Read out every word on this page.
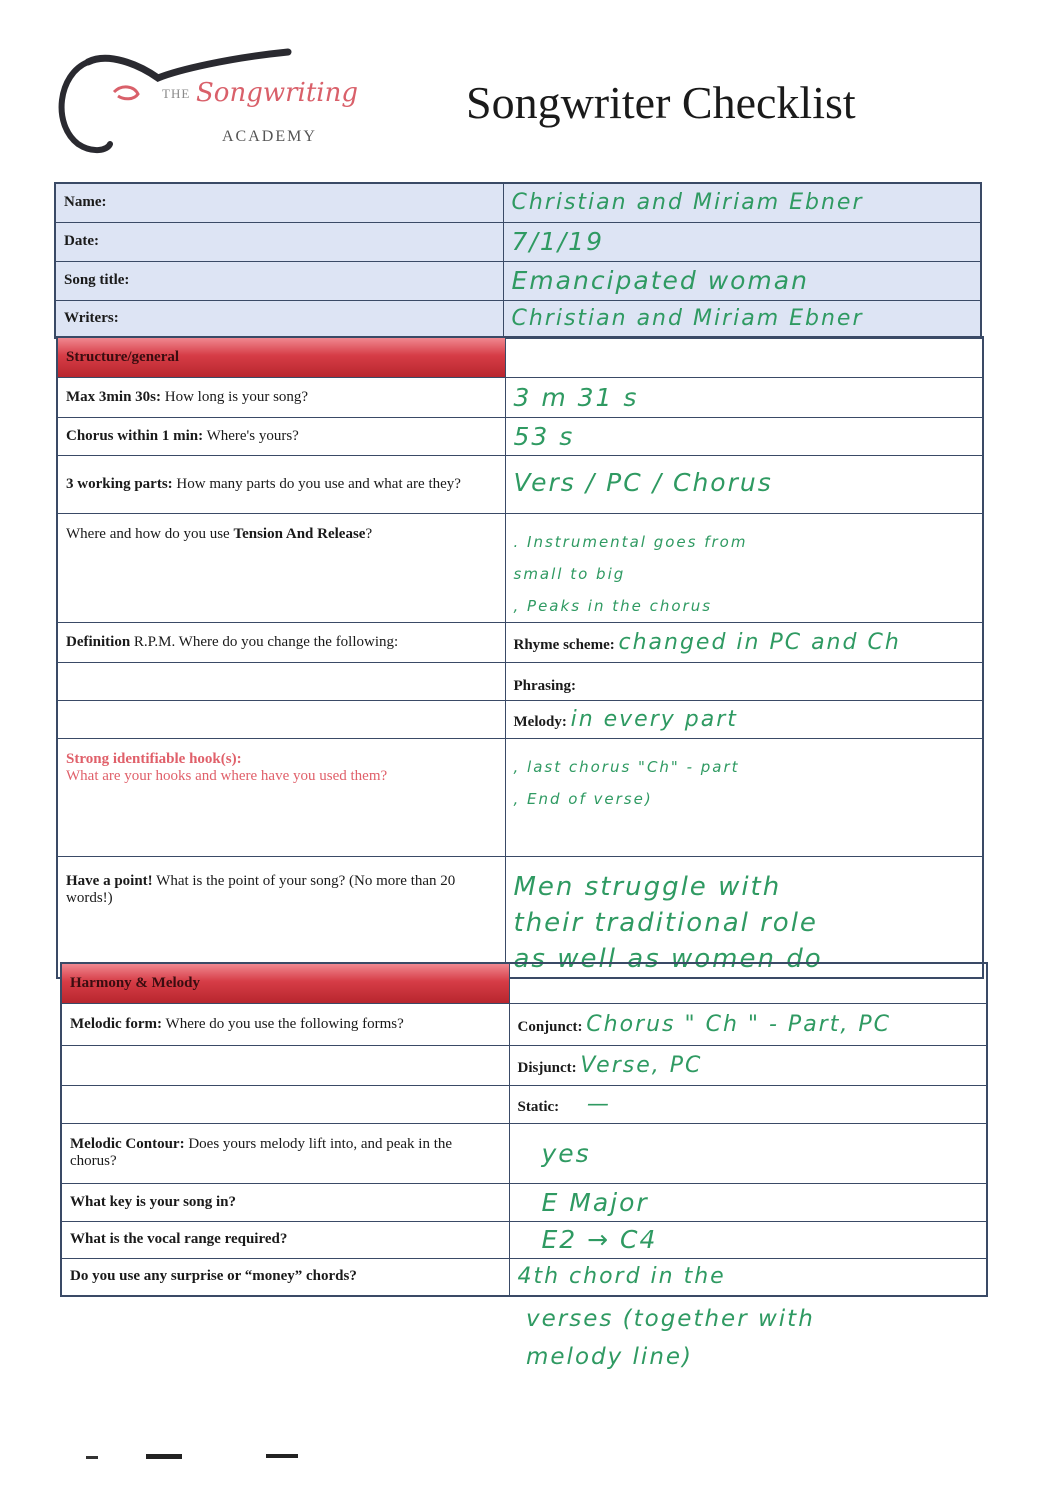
THE Songwriting
ACADEMY
Songwriter Checklist
Name:	Christian and Miriam Ebner
Date:	7/1/19
Song title:	Emancipated woman
Writers:	Christian and Miriam Ebner
Structure/general	
Max 3min 30s: How long is your song?	3 m 31 s
Chorus within 1 min: Where's yours?	53 s
3 working parts: How many parts do you use and what are they?	Vers / PC / Chorus
Where and how do you use Tension And Release?	. Instrumental goes from
small to big
, Peaks in the chorus

Definition R.P.M. Where do you change the following:	Rhyme scheme: changed in PC and Ch
	Phrasing:
	Melody: in every part
Strong identifiable hook(s):
What are your hooks and where have you used them?	, last chorus "Ch" - part
, End of verse)

Have a point! What is the point of your song? (No more than 20 words!)	Men struggle with
their traditional role
as well as women do
Harmony & Melody	
Melodic form: Where do you use the following forms?	Conjunct: Chorus " Ch " - Part, PC
	Disjunct: Verse, PC
	Static: —
Melodic Contour: Does yours melody lift into, and peak in the chorus?	yes
What key is your song in?	E Major
What is the vocal range required?	E2 → C4
Do you use any surprise or “money” chords?	4th chord in the
verses (together with
melody line)
